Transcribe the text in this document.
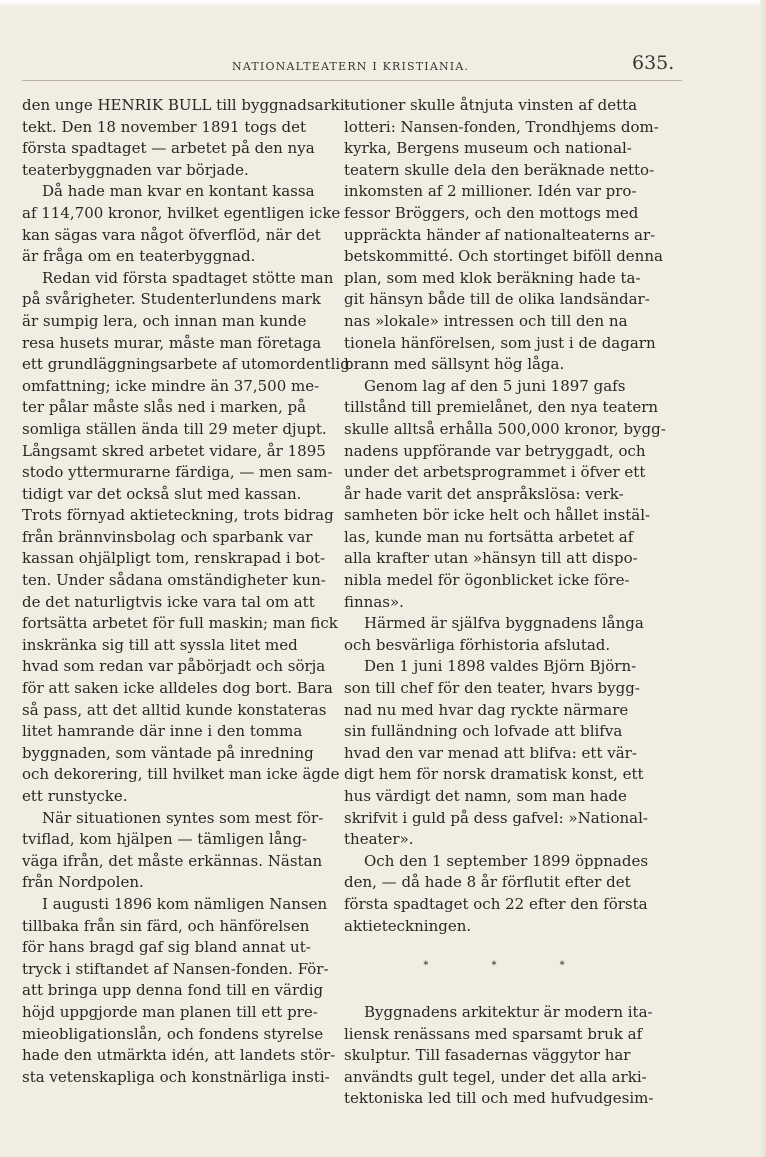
NATIONALTEATERN I KRISTIANIA.	635.
den unge HENRIK BULL till byggnadsarki-
tekt. Den 18 november 1891 togs det
första spadtaget — arbetet på den nya
teaterbyggnaden var började.
Då hade man kvar en kontant kassa
af 114,700 kronor, hvilket egentligen icke
kan sägas vara något öfverflöd, när det
är fråga om en teaterbyggnad.
Redan vid första spadtaget stötte man
på svårigheter. Studenterlundens mark
är sumpig lera, och innan man kunde
resa husets murar, måste man företaga
ett grundläggningsarbete af utomordentlig
omfattning; icke mindre än 37,500 me-
ter pålar måste slås ned i marken, på
somliga ställen ända till 29 meter djupt.
Långsamt skred arbetet vidare, år 1895
stodo yttermurarne färdiga, — men sam-
tidigt var det också slut med kassan.
Trots förnyad aktieteckning, trots bidrag
från brännvinsbolag och sparbank var
kassan ohjälpligt tom, renskrapad i bot-
ten. Under sådana omständigheter kun-
de det naturligtvis icke vara tal om att
fortsätta arbetet för full maskin; man fick
inskränka sig till att syssla litet med
hvad som redan var påbörjadt och sörja
för att saken icke alldeles dog bort. Bara
så pass, att det alltid kunde konstateras
litet hamrande där inne i den tomma
byggnaden, som väntade på inredning
och dekorering, till hvilket man icke ägde
ett runstycke.
När situationen syntes som mest för-
tviflad, kom hjälpen — tämligen lång-
väga ifrån, det måste erkännas. Nästan
från Nordpolen.
I augusti 1896 kom nämligen Nansen
tillbaka från sin färd, och hänförelsen
för hans bragd gaf sig bland annat ut-
tryck i stiftandet af Nansen-fonden. För-
att bringa upp denna fond till en värdig
höjd uppgjorde man planen till ett pre-
mieobligationslån, och fondens styrelse
hade den utmärkta idén, att landets stör-
sta vetenskapliga och konstnärliga insti-
tutioner skulle åtnjuta vinsten af detta
lotteri: Nansen-fonden, Trondhjems dom-
kyrka, Bergens museum och national-
teatern skulle dela den beräknade netto-
inkomsten af 2 millioner. Idén var pro-
fessor Bröggers, och den mottogs med
uppräckta händer af nationalteaterns ar-
betskommitté. Och stortinget biföll denna
plan, som med klok beräkning hade ta-
git hänsyn både till de olika landsändar-
nas »lokale» intressen och till den na
tionela hänförelsen, som just i de dagarn
brann med sällsynt hög låga.
Genom lag af den 5 juni 1897 gafs
tillstånd till premielånet, den nya teatern
skulle alltså erhålla 500,000 kronor, bygg-
nadens uppförande var betryggadt, och
under det arbetsprogrammet i öfver ett
år hade varit det anspråkslösa: verk-
samheten bör icke helt och hållet instäl-
las, kunde man nu fortsätta arbetet af
alla krafter utan »hänsyn till att dispo-
nibla medel för ögonblicket icke före-
finnas».
Härmed är själfva byggnadens långa
och besvärliga förhistoria afslutad.
Den 1 juni 1898 valdes Björn Björn-
son till chef för den teater, hvars bygg-
nad nu med hvar dag ryckte närmare
sin fulländning och lofvade att blifva
hvad den var menad att blifva: ett vär-
digt hem för norsk dramatisk konst, ett
hus värdigt det namn, som man hade
skrifvit i guld på dess gafvel: »National-
theater».
Och den 1 september 1899 öppnades
den, — då hade 8 år förflutit efter det
första spadtaget och 22 efter den första
aktieteckningen.
* * *
Byggnadens arkitektur är modern ita-
liensk renässans med sparsamt bruk af
skulptur. Till fasadernas väggytor har
användts gult tegel, under det alla arki-
tektoniska led till och med hufvudgesim-
